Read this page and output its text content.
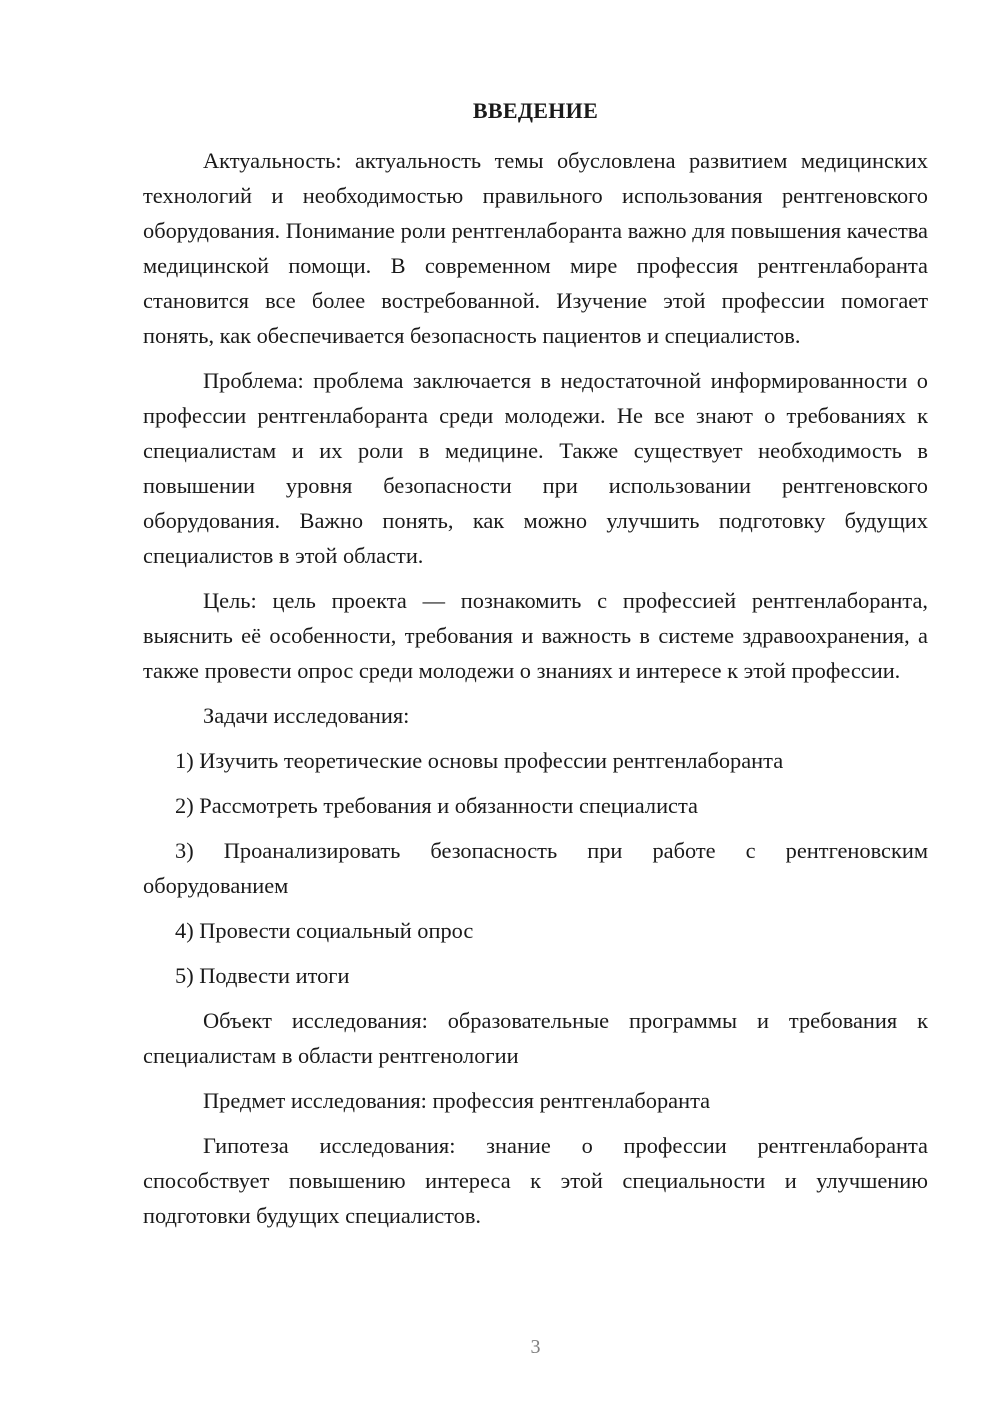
ВВЕДЕНИЕ

Актуальность: актуальность темы обусловлена развитием медицинских технологий и необходимостью правильного использования рентгеновского оборудования. Понимание роли рентгенлаборанта важно для повышения качества медицинской помощи. В современном мире профессия рентгенлаборанта становится все более востребованной. Изучение этой профессии помогает понять, как обеспечивается безопасность пациентов и специалистов.

Проблема: проблема заключается в недостаточной информированности о профессии рентгенлаборанта среди молодежи. Не все знают о требованиях к специалистам и их роли в медицине. Также существует необходимость в повышении уровня безопасности при использовании рентгеновского оборудования. Важно понять, как можно улучшить подготовку будущих специалистов в этой области.

Цель: цель проекта — познакомить с профессией рентгенлаборанта, выяснить её особенности, требования и важность в системе здравоохранения, а также провести опрос среди молодежи о знаниях и интересе к этой профессии.

Задачи исследования:

1) Изучить теоретические основы профессии рентгенлаборанта

2) Рассмотреть требования и обязанности специалиста

3) Проанализировать безопасность при работе с рентгеновским оборудованием

4) Провести социальный опрос

5) Подвести итоги

Объект исследования: образовательные программы и требования к специалистам в области рентгенологии

Предмет исследования: профессия рентгенлаборанта

Гипотеза исследования: знание о профессии рентгенлаборанта способствует повышению интереса к этой специальности и улучшению подготовки будущих специалистов.

3
